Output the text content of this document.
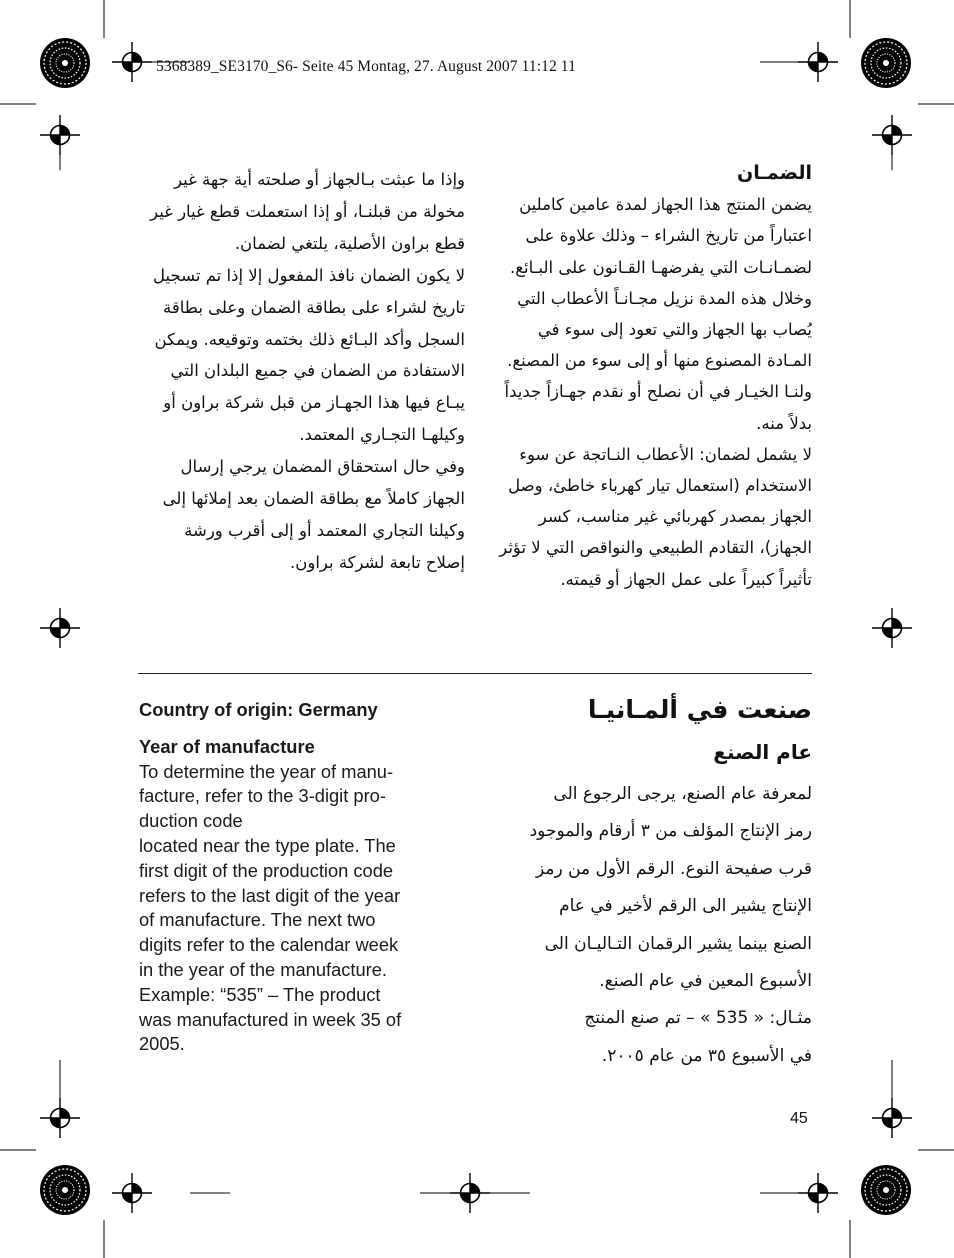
5368389_SE3170_S6- Seite 45 Montag, 27. August 2007 11:12 11

الضمـان

يضمن المنتج هذا الجهاز لمدة عامين كاملين اعتباراً من تاريخ الشراء – وذلك علاوة على لضمـانـات التي يفرضهـا القـانون على البـائع. وخلال هذه المدة نزيل مجـانـاً الأعطاب التي يُصاب بها الجهاز والتي تعود إلى سوء في المـادة المصنوع منها أو إلى سوء من المصنع. ولنـا الخيـار في أن نصلح أو نقدم جهـازاً جديداً بدلاً منه.

لا يشمل لضمان: الأعطاب النـاتجة عن سوء الاستخدام (استعمال تيار كهرباء خاطئ، وصل الجهاز بمصدر كهربائي غير مناسب، كسر الجهاز)، التقادم الطبيعي والنواقص التي لا تؤثر تأثيراً كبيراً على عمل الجهاز أو قيمته.

وإذا ما عبثت بـالجهاز أو صلحته أية جهة غير مخولة من قبلنـا، أو إذا استعملت قطع غيار غير قطع براون الأصلية، يلتغي لضمان.

لا يكون الضمان نافذ المفعول إلا إذا تم تسجيل تاريخ لشراء على بطاقة الضمان وعلى بطاقة السجل وأكد البـائع ذلك بختمه وتوقيعه. ويمكن الاستفادة من الضمان في جميع البلدان التي يبـاع فيها هذا الجهـاز من قبل شركة براون أو وكيلهـا التجـاري المعتمد.

وفي حال استحقاق المضمان يرجي إرسال الجهاز كاملاً مع بطاقة الضمان بعد إملائها إلى وكيلنا التجاري المعتمد أو إلى أقرب ورشة إصلاح تابعة لشركة براون.

Country of origin: Germany

Year of manufacture

To determine the year of manu-

facture, refer to the 3-digit pro-

duction code

located near the type plate. The

first digit of the production code

refers to the last digit of the year

of manufacture. The next two

digits refer to the calendar week

in the year of the manufacture.

Example: “535” – The product

was manufactured in week 35 of

2005.

صنعت في ألمـانيـا

عام الصنع

لمعرفة عام الصنع، يرجى الرجوع الى

رمز الإنتاج المؤلف من ٣ أرقام والموجود

قرب صفيحة النوع. الرقم الأول من رمز

الإنتاج يشير الى الرقم لأخير في عام

الصنع بينما يشير الرقمان التـاليـان الى

الأسبوع المعين في عام الصنع.

مثـال: « 535 » – تم صنع المنتج

في الأسبوع ٣٥ من عام ٢٠٠٥.

45
